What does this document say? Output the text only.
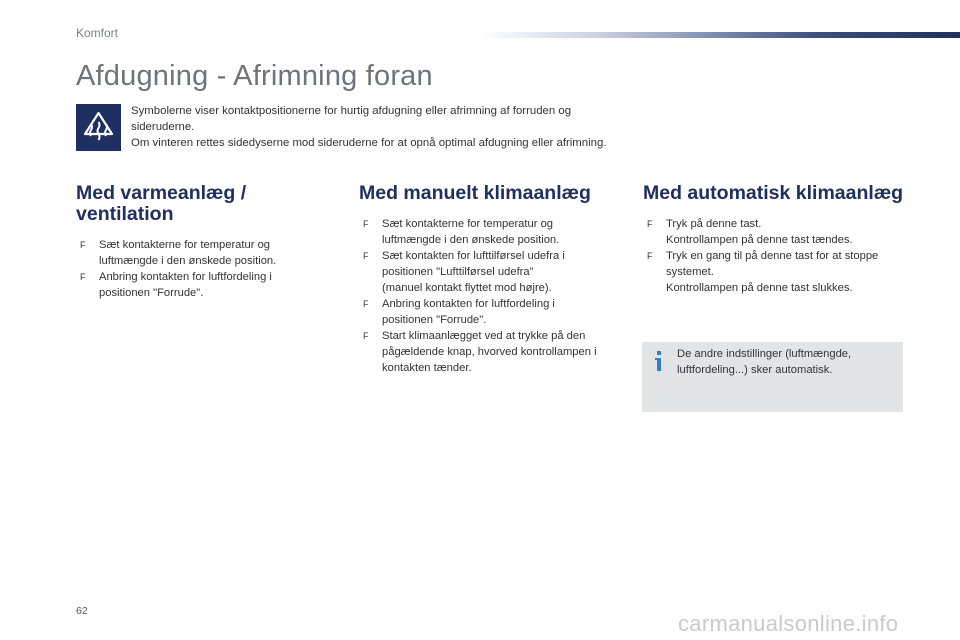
Komfort
Afdugning - Afrimning foran

Symbolerne viser kontaktpositionerne for hurtig afdugning eller afrimning af forruden og sideruderne.

Om vinteren rettes sidedyserne mod sideruderne for at opnå optimal afdugning eller afrimning.

Med varmeanlæg /
ventilation
F Sæt kontakterne for temperatur og
luftmængde i den ønskede position.
F Anbring kontakten for luftfordeling i
positionen "Forrude".
Med manuelt klimaanlæg
F Sæt kontakterne for temperatur og
luftmængde i den ønskede position.
F Sæt kontakten for lufttilførsel udefra i
positionen "Lufttilførsel udefra"
(manuel kontakt flyttet mod højre).
F Anbring kontakten for luftfordeling i
positionen "Forrude".
F Start klimaanlægget ved at trykke på den
pågældende knap, hvorved kontrollampen i
kontakten tænder.
Med automatisk klimaanlæg
F Tryk på denne tast.
Kontrollampen på denne tast tændes.
F Tryk en gang til på denne tast for at stoppe
systemet.
Kontrollampen på denne tast slukkes.
De andre indstillinger (luftmængde,
luftfordeling...) sker automatisk.
62	carmanualsonline.info
